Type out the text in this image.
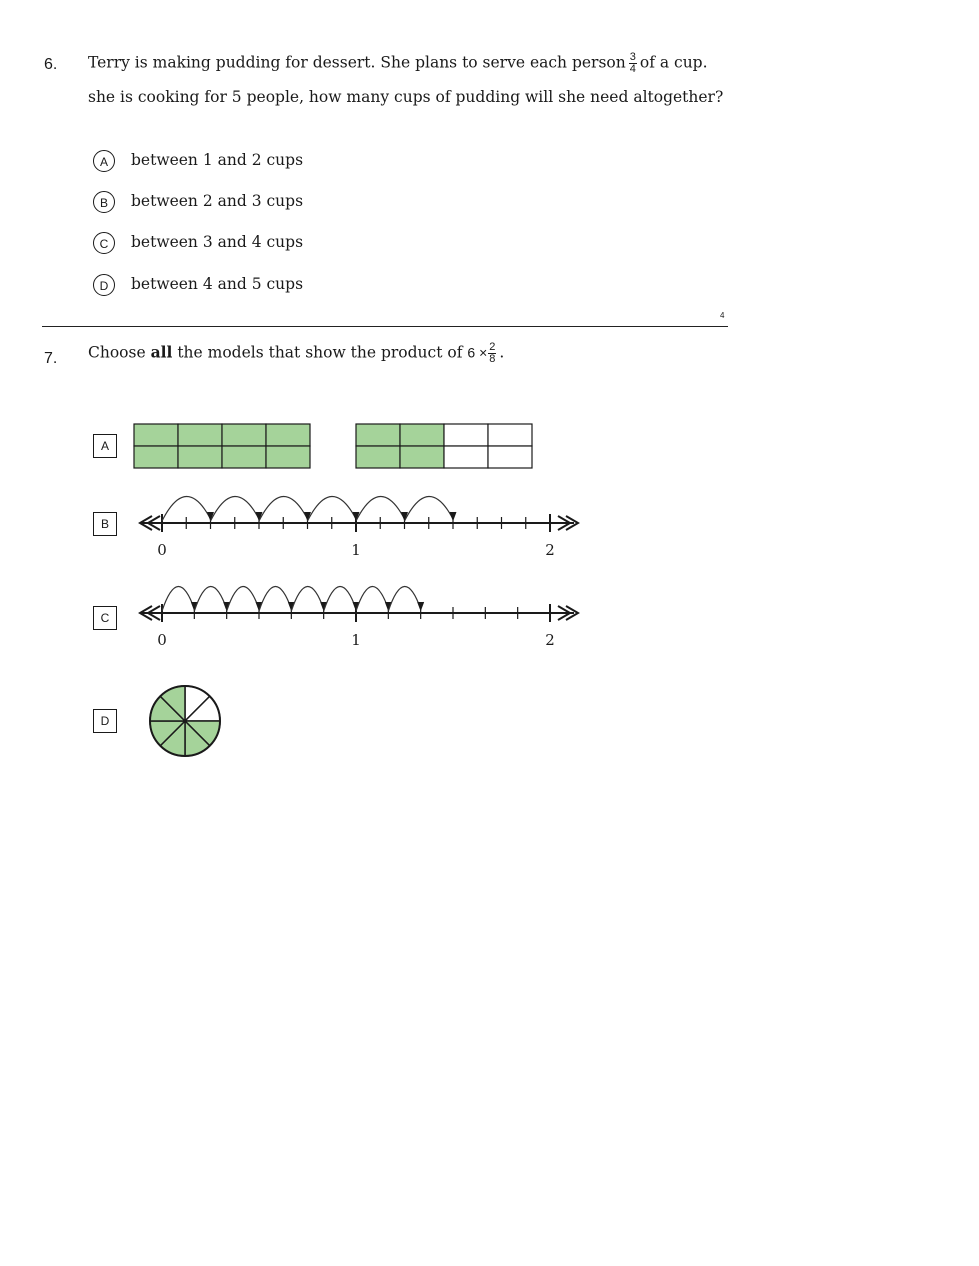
6. Terry is making pudding for dessert. She plans to serve each person $\frac{3}{4}$ of a cup.
she is cooking for 5 people, how many cups of pudding will she need altogether?
A	between 1 and 2 cups
B	between 2 and 3 cups
C	between 3 and 4 cups
D	between 4 and 5 cups
4
7. Choose all the models that show the product of $6 \times \frac{2}{8}$ .
A
B
0	1	2
C
0	1	2
D
